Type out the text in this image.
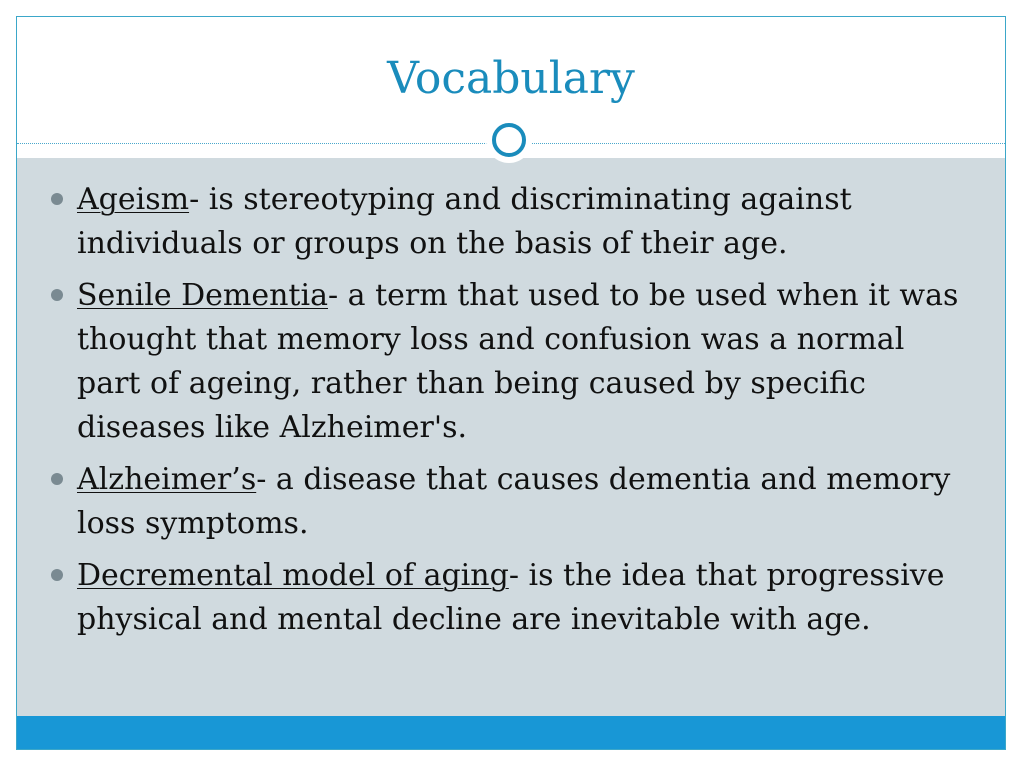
Vocabulary
Ageism- is stereotyping and discriminating against individuals or groups on the basis of their age.
Senile Dementia- a term that used to be used when it was thought that memory loss and confusion was a normal part of ageing, rather than being caused by specific diseases like Alzheimer's.
Alzheimer’s- a disease that causes dementia and memory loss symptoms.
Decremental model of aging- is the idea that progressive physical and mental decline are inevitable with age.
